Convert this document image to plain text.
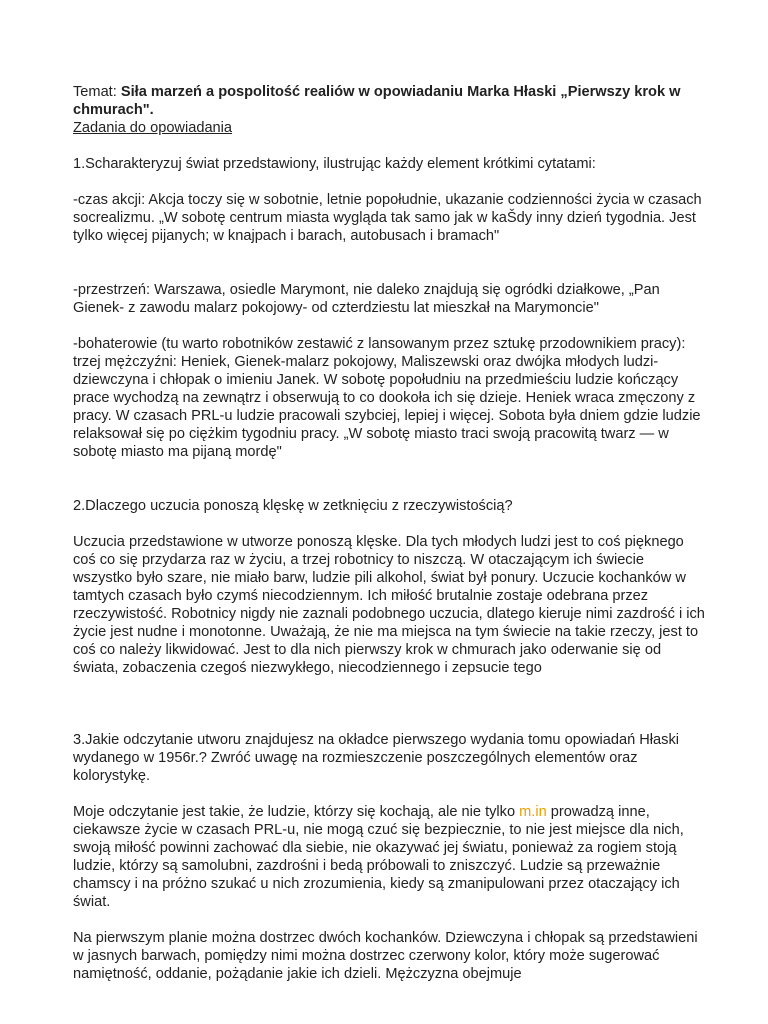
Temat: Siła marzeń a pospolitość realiów w opowiadaniu Marka Hłaski „Pierwszy krok w chmurach".

Zadania do opowiadania

1.Scharakteryzuj świat przedstawiony, ilustrując każdy element krótkimi cytatami:

-czas akcji: Akcja toczy się w sobotnie, letnie popołudnie, ukazanie codzienności życia w czasach socrealizmu. „W sobotę centrum miasta wygląda tak samo jak w kaŠdy inny dzień tygodnia. Jest tylko więcej pijanych; w knajpach i barach, autobusach i bramach"

-przestrzeń: Warszawa, osiedle Marymont, nie daleko znajdują się ogródki działkowe, „Pan Gienek- z zawodu malarz pokojowy- od czterdziestu lat mieszkał na Marymoncie"

-bohaterowie (tu warto robotników zestawić z lansowanym przez sztukę przodownikiem pracy): trzej mężczyźni: Heniek, Gienek-malarz pokojowy, Maliszewski oraz dwójka młodych ludzi- dziewczyna i chłopak o imieniu Janek. W sobotę popołudniu na przedmieściu ludzie kończący prace wychodzą na zewnątrz i obserwują to co dookoła ich się dzieje. Heniek wraca zmęczony z pracy. W czasach PRL-u ludzie pracowali szybciej, lepiej i więcej. Sobota była dniem gdzie ludzie relaksował się po ciężkim tygodniu pracy. „W sobotę miasto traci swoją pracowitą twarz — w sobotę miasto ma pijaną mordę"

2.Dlaczego uczucia ponoszą klęskę w zetknięciu z rzeczywistością?

Uczucia przedstawione w utworze ponoszą klęske. Dla tych młodych ludzi jest to coś pięknego coś co się przydarza raz w życiu, a trzej robotnicy to niszczą. W otaczającym ich świecie wszystko było szare, nie miało barw, ludzie pili alkohol, świat był ponury. Uczucie kochanków w tamtych czasach było czymś niecodziennym. Ich miłość brutalnie zostaje odebrana przez rzeczywistość. Robotnicy nigdy nie zaznali podobnego uczucia, dlatego kieruje nimi zazdrość i ich życie jest nudne i monotonne. Uważają, że nie ma miejsca na tym świecie na takie rzeczy, jest to coś co należy likwidować. Jest to dla nich pierwszy krok w chmurach jako oderwanie się od świata, zobaczenia czegoś niezwykłego, niecodziennego i zepsucie tego

3.Jakie odczytanie utworu znajdujesz na okładce pierwszego wydania tomu opowiadań Hłaski wydanego w 1956r.? Zwróć uwagę na rozmieszczenie poszczególnych elementów oraz kolorystykę.

Moje odczytanie jest takie, że ludzie, którzy się kochają, ale nie tylko m.in prowadzą inne, ciekawsze życie w czasach PRL-u, nie mogą czuć się bezpiecznie, to nie jest miejsce dla nich, swoją miłość powinni zachować dla siebie, nie okazywać jej światu, ponieważ za rogiem stoją ludzie, którzy są samolubni, zazdrośni i bedą próbowali to zniszczyć. Ludzie są przeważnie chamscy i na próżno szukać u nich zrozumienia, kiedy są zmanipulowani przez otaczający ich świat.

Na pierwszym planie można dostrzec dwóch kochanków. Dziewczyna i chłopak są przedstawieni w jasnych barwach, pomiędzy nimi można dostrzec czerwony kolor, który może sugerować namiętność, oddanie, pożądanie jakie ich dzieli. Mężczyzna obejmuje
